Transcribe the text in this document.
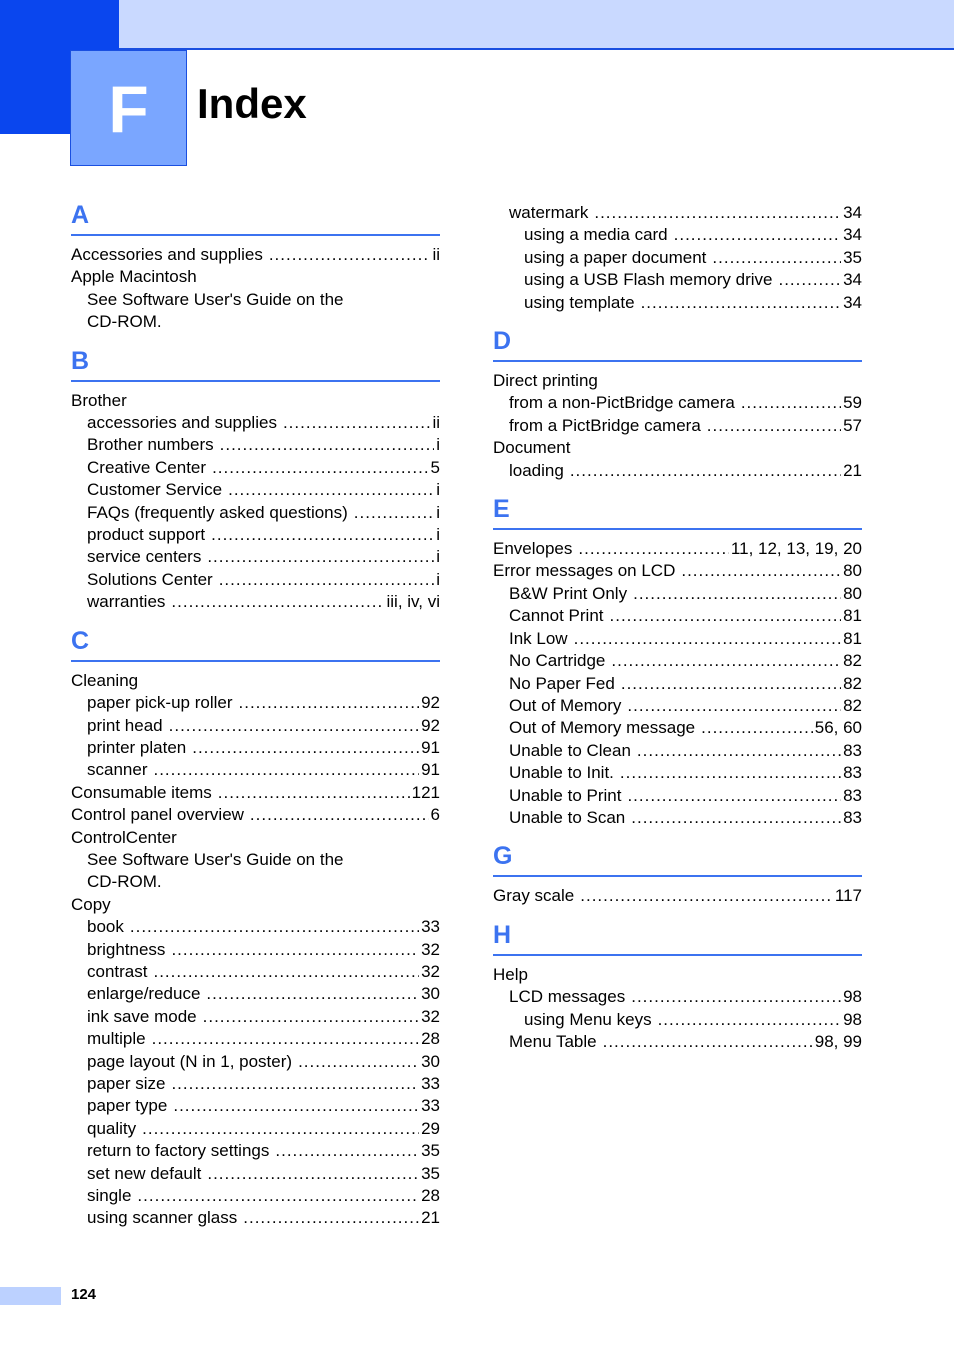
F	Index
A
Accessories and supplies .....	ii
Apple Macintosh
See Software User's Guide on the
CD-ROM.
B
Brother
accessories and supplies .....	ii
Brother numbers .....	i
Creative Center .....	5
Customer Service .....	i
FAQs (frequently asked questions) .....	i
product support .....	i
service centers .....	i
Solutions Center .....	i
warranties .....	iii, iv, vi
C
Cleaning
paper pick-up roller .....	92
print head .....	92
printer platen .....	91
scanner .....	91
Consumable items .....	121
Control panel overview .....	6
ControlCenter
See Software User's Guide on the
CD-ROM.
Copy
book .....	33
brightness .....	32
contrast .....	32
enlarge/reduce .....	30
ink save mode .....	32
multiple .....	28
page layout (N in 1, poster) .....	30
paper size .....	33
paper type .....	33
quality .....	29
return to factory settings .....	35
set new default .....	35
single .....	28
using scanner glass .....	21
watermark .....	34
using a media card .....	34
using a paper document .....	35
using a USB Flash memory drive .....	34
using template .....	34
D
Direct printing
from a non-PictBridge camera .....	59
from a PictBridge camera .....	57
Document
loading .....	21
E
Envelopes .....	11, 12, 13, 19, 20
Error messages on LCD .....	80
B&W Print Only .....	80
Cannot Print .....	81
Ink Low .....	81
No Cartridge .....	82
No Paper Fed .....	82
Out of Memory .....	82
Out of Memory message .....	56, 60
Unable to Clean .....	83
Unable to Init. .....	83
Unable to Print .....	83
Unable to Scan .....	83
G
Gray scale .....	117
H
Help
LCD messages .....	98
using Menu keys .....	98
Menu Table .....	98, 99
124
